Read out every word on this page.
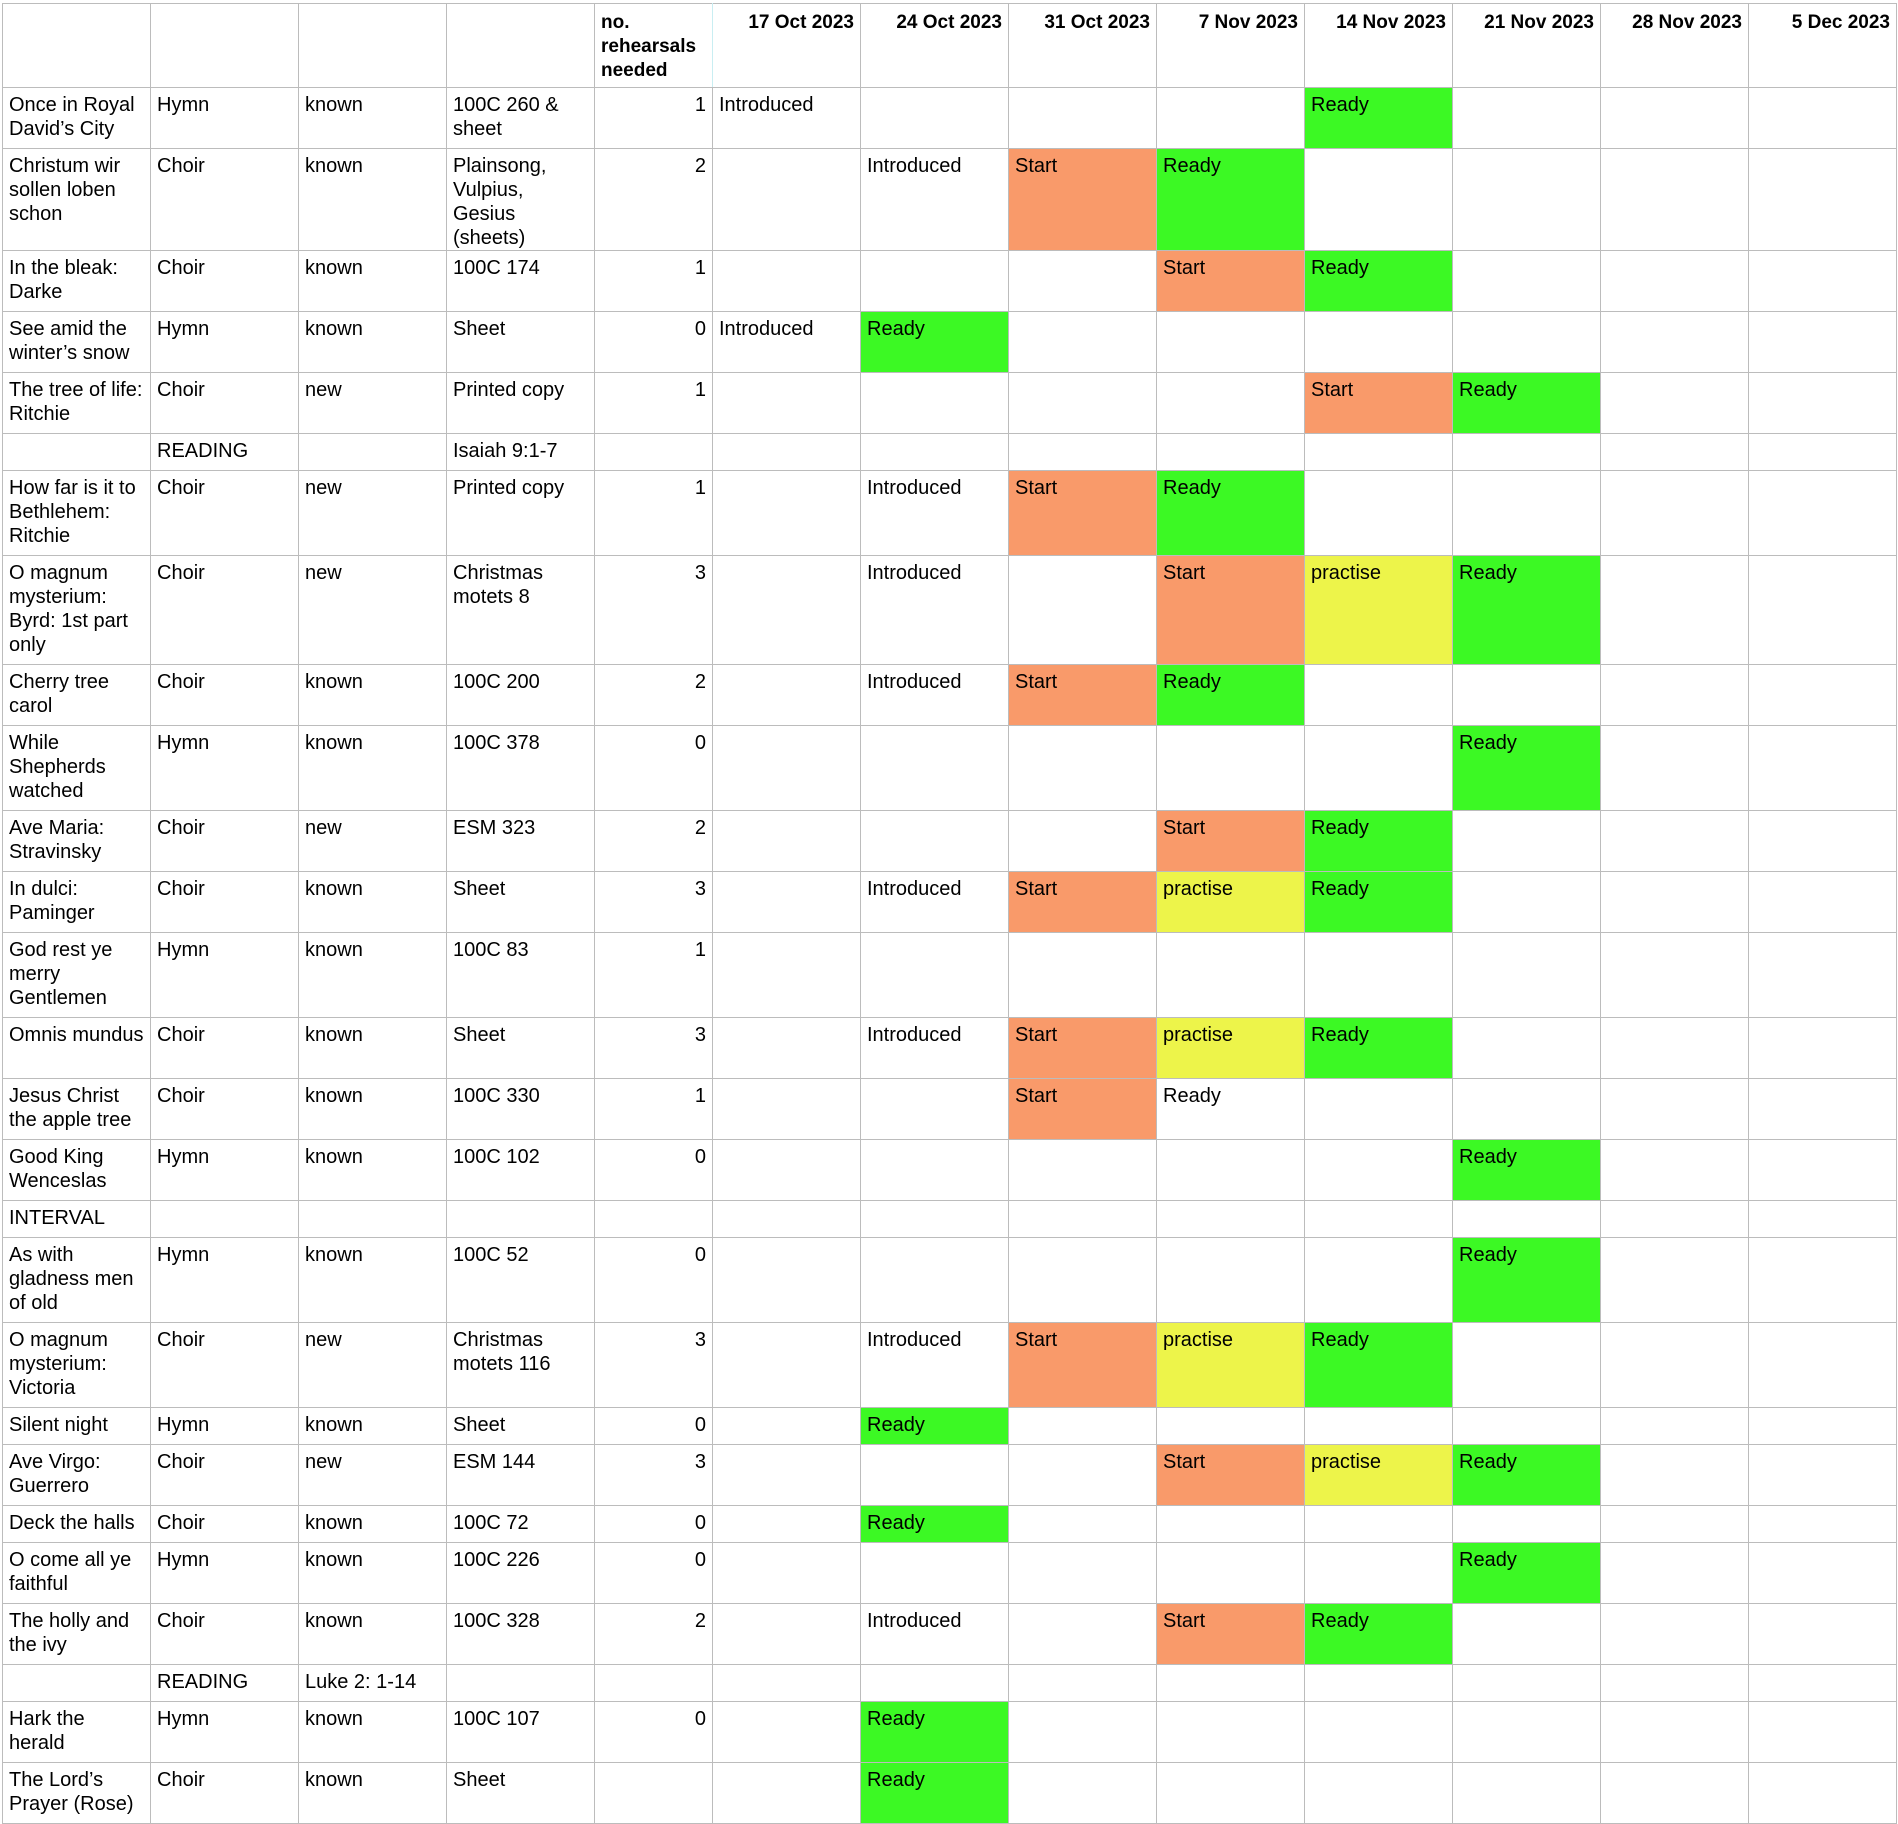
				no. rehearsals needed	17 Oct 2023	24 Oct 2023	31 Oct 2023	7 Nov 2023	14 Nov 2023	21 Nov 2023	28 Nov 2023	5 Dec 2023
Once in Royal David’s City	Hymn	known	100C 260 & sheet	1	Introduced				Ready			
Christum wir sollen loben schon	Choir	known	Plainsong, Vulpius, Gesius (sheets)	2		Introduced	Start	Ready				
In the bleak: Darke	Choir	known	100C 174	1				Start	Ready			
See amid the winter’s snow	Hymn	known	Sheet	0	Introduced	Ready						
The tree of life: Ritchie	Choir	new	Printed copy	1					Start	Ready		
	READING		Isaiah 9:1-7									
How far is it to Bethlehem: Ritchie	Choir	new	Printed copy	1		Introduced	Start	Ready				
O magnum mysterium: Byrd: 1st part only	Choir	new	Christmas motets 8	3		Introduced		Start	practise	Ready		
Cherry tree carol	Choir	known	100C 200	2		Introduced	Start	Ready				
While Shepherds watched	Hymn	known	100C 378	0						Ready		
Ave Maria: Stravinsky	Choir	new	ESM 323	2				Start	Ready			
In dulci: Paminger	Choir	known	Sheet	3		Introduced	Start	practise	Ready			
God rest ye merry Gentlemen	Hymn	known	100C 83	1								
Omnis mundus	Choir	known	Sheet	3		Introduced	Start	practise	Ready			
Jesus Christ the apple tree	Choir	known	100C 330	1			Start	Ready				
Good King Wenceslas	Hymn	known	100C 102	0						Ready		
INTERVAL												
As with gladness men of old	Hymn	known	100C 52	0						Ready		
O magnum mysterium: Victoria	Choir	new	Christmas motets 116	3		Introduced	Start	practise	Ready			
Silent night	Hymn	known	Sheet	0		Ready						
Ave Virgo: Guerrero	Choir	new	ESM 144	3				Start	practise	Ready		
Deck the halls	Choir	known	100C 72	0		Ready						
O come all ye faithful	Hymn	known	100C 226	0						Ready		
The holly and the ivy	Choir	known	100C 328	2		Introduced		Start	Ready			
	READING	Luke 2: 1-14										
Hark the herald	Hymn	known	100C 107	0		Ready						
The Lord’s Prayer (Rose)	Choir	known	Sheet			Ready						
